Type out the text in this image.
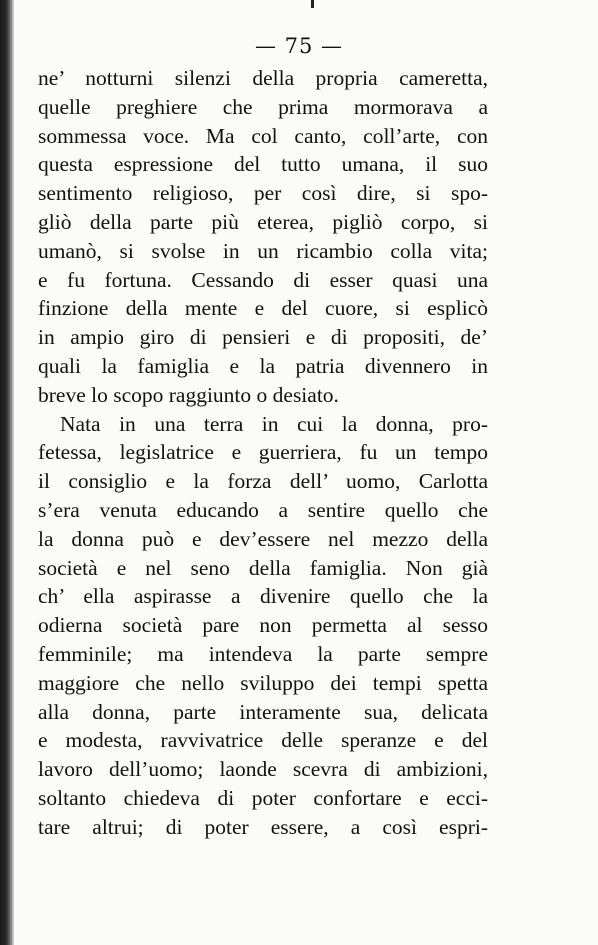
— 75 —
ne’ notturni silenzi della propria cameretta,
quelle preghiere che prima mormorava a
sommessa voce. Ma col canto, coll’arte, con
questa espressione del tutto umana, il suo
sentimento religioso, per così dire, si spo-
gliò della parte più eterea, pigliò corpo, si
umanò, si svolse in un ricambio colla vita;
e fu fortuna. Cessando di esser quasi una
finzione della mente e del cuore, si esplicò
in ampio giro di pensieri e di propositi, de’
quali la famiglia e la patria divennero in
breve lo scopo raggiunto o desiato.
Nata in una terra in cui la donna, pro-
fetessa, legislatrice e guerriera, fu un tempo
il consiglio e la forza dell’ uomo, Carlotta
s’era venuta educando a sentire quello che
la donna può e dev’essere nel mezzo della
società e nel seno della famiglia. Non già
ch’ ella aspirasse a divenire quello che la
odierna società pare non permetta al sesso
femminile; ma intendeva la parte sempre
maggiore che nello sviluppo dei tempi spetta
alla donna, parte interamente sua, delicata
e modesta, ravvivatrice delle speranze e del
lavoro dell’uomo; laonde scevra di ambizioni,
soltanto chiedeva di poter confortare e ecci-
tare altrui; di poter essere, a così espri-
